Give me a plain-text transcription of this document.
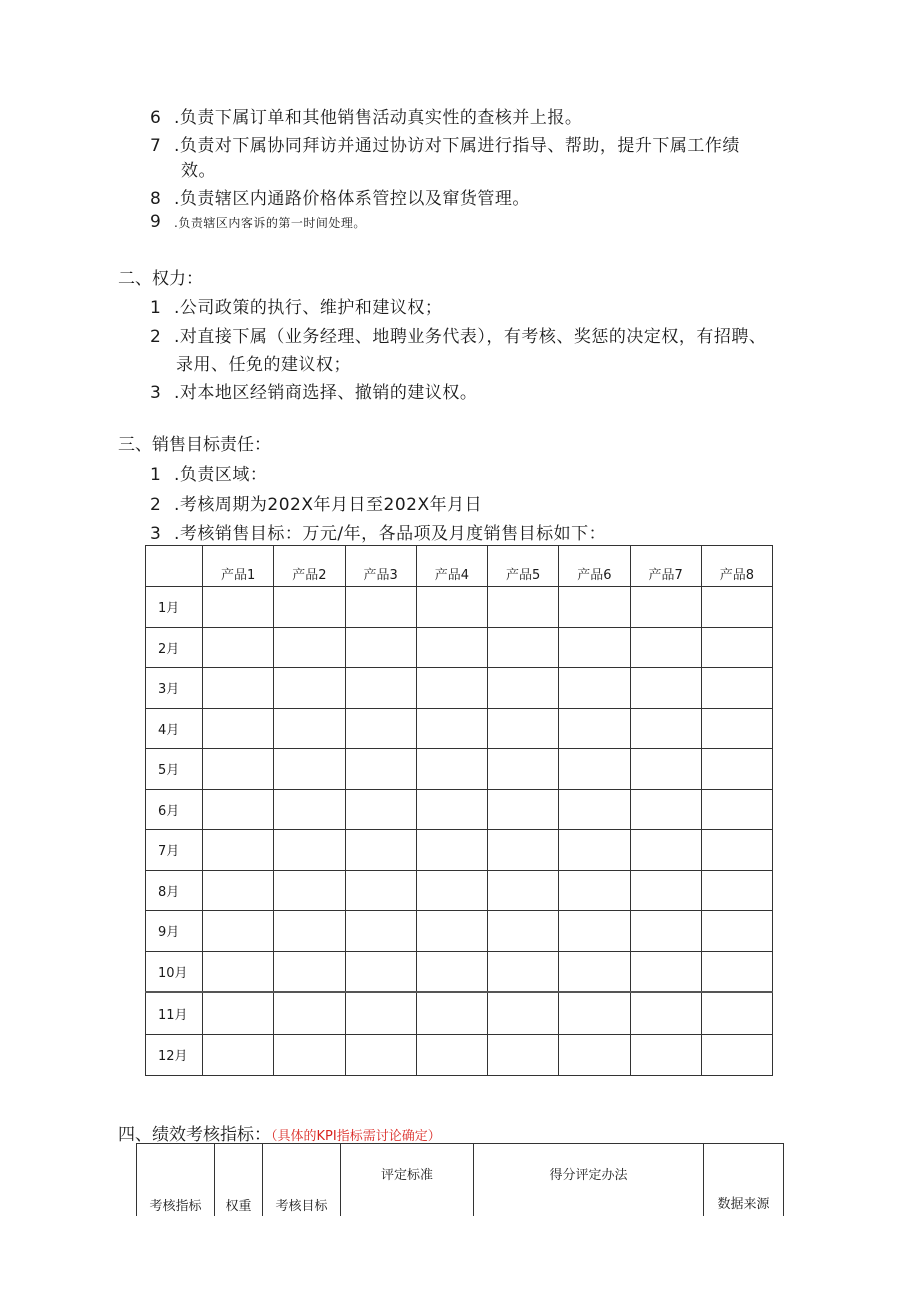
6 .负责下属订单和其他销售活动真实性的查核并上报。
7 .负责对下属协同拜访并通过协访对下属进行指导、帮助，提升下属工作绩
效。
8 .负责辖区内通路价格体系管控以及窜货管理。
9 .负责辖区内客诉的第一时间处理。
二、权力：
1 .公司政策的执行、维护和建议权；
2 .对直接下属（业务经理、地聘业务代表），有考核、奖惩的决定权，有招聘、
录用、任免的建议权；
3 .对本地区经销商选择、撤销的建议权。
三、销售目标责任：
1 .负责区域：
2 .考核周期为202X年月日至202X年月日
3 .考核销售目标：万元/年，各品项及月度销售目标如下：
	产品1	产品2	产品3	产品4	产品5	产品6	产品7	产品8
1月								
2月								
3月								
4月								
5月								
6月								
7月								
8月								
9月								
10月								
11月								
12月								
四、绩效考核指标：（具体的KPI指标需讨论确定）
考核指标	权重	考核目标	评定标准	得分评定办法	数据来源
